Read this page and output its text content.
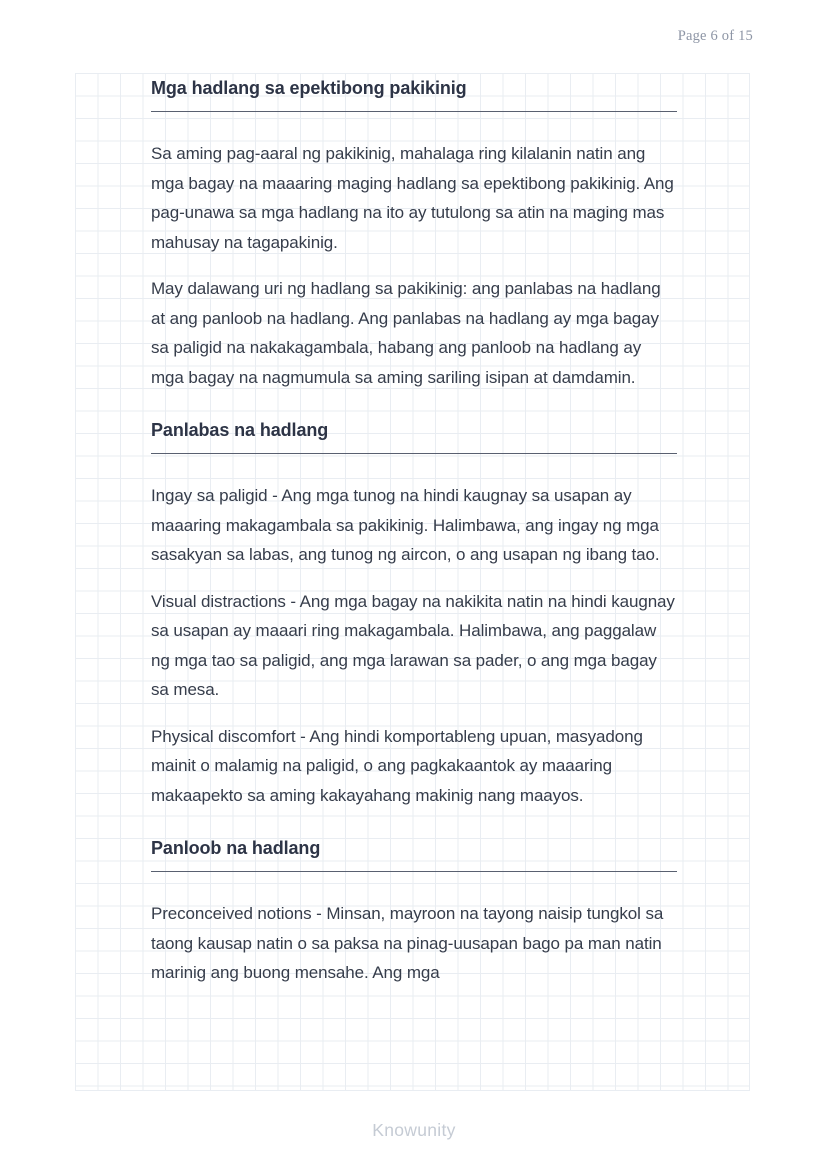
Page 6 of 15
Mga hadlang sa epektibong pakikinig

Sa aming pag-aaral ng pakikinig, mahalaga ring kilalanin natin ang mga bagay na maaaring maging hadlang sa epektibong pakikinig. Ang pag-unawa sa mga hadlang na ito ay tutulong sa atin na maging mas mahusay na tagapakinig.

May dalawang uri ng hadlang sa pakikinig: ang panlabas na hadlang at ang panloob na hadlang. Ang panlabas na hadlang ay mga bagay sa paligid na nakakagambala, habang ang panloob na hadlang ay mga bagay na nagmumula sa aming sariling isipan at damdamin.

Panlabas na hadlang

Ingay sa paligid - Ang mga tunog na hindi kaugnay sa usapan ay maaaring makagambala sa pakikinig. Halimbawa, ang ingay ng mga sasakyan sa labas, ang tunog ng aircon, o ang usapan ng ibang tao.

Visual distractions - Ang mga bagay na nakikita natin na hindi kaugnay sa usapan ay maaari ring makagambala. Halimbawa, ang paggalaw ng mga tao sa paligid, ang mga larawan sa pader, o ang mga bagay sa mesa.

Physical discomfort - Ang hindi komportableng upuan, masyadong mainit o malamig na paligid, o ang pagkakaantok ay maaaring makaapekto sa aming kakayahang makinig nang maayos.

Panloob na hadlang

Preconceived notions - Minsan, mayroon na tayong naisip tungkol sa taong kausap natin o sa paksa na pinag-uusapan bago pa man natin marinig ang buong mensahe. Ang mga

Knowunity
